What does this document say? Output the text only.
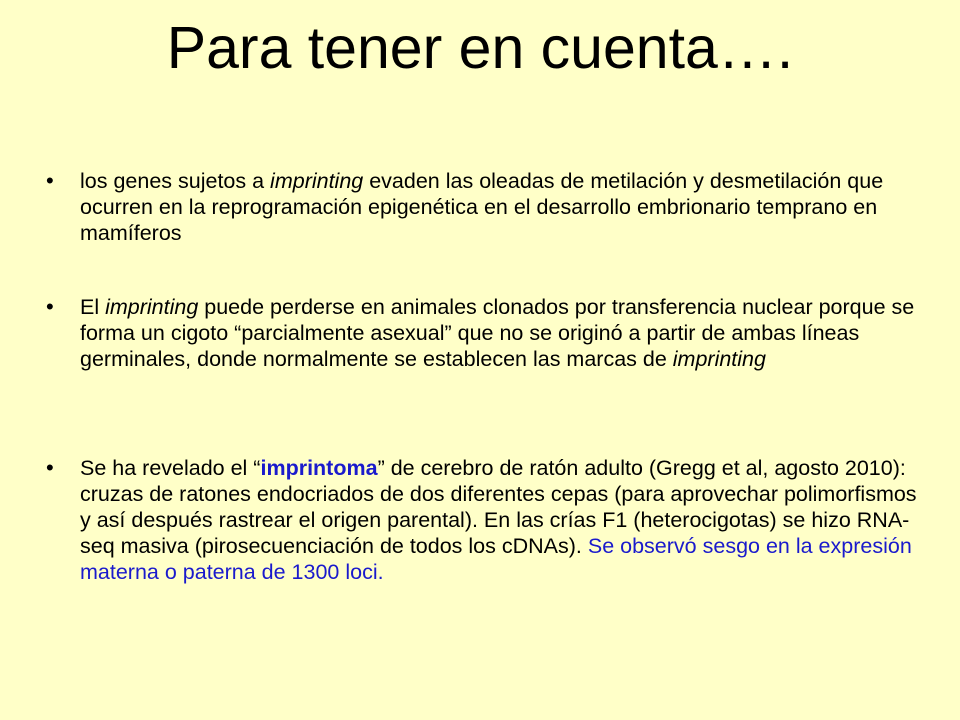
Para tener en cuenta….
• los genes sujetos a imprinting evaden las oleadas de metilación y desmetilación que ocurren en la reprogramación epigenética en el desarrollo embrionario temprano en mamíferos

• El imprinting puede perderse en animales clonados por transferencia nuclear porque se forma un cigoto “parcialmente asexual” que no se originó a partir de ambas líneas germinales, donde normalmente se establecen las marcas de imprinting

• Se ha revelado el “imprintoma” de cerebro de ratón adulto (Gregg et al, agosto 2010): cruzas de ratones endocriados de dos diferentes cepas (para aprovechar polimorfismos y así después rastrear el origen parental). En las crías F1 (heterocigotas) se hizo RNA-seq masiva (pirosecuenciación de todos los cDNAs). Se observó sesgo en la expresión materna o paterna de 1300 loci.
